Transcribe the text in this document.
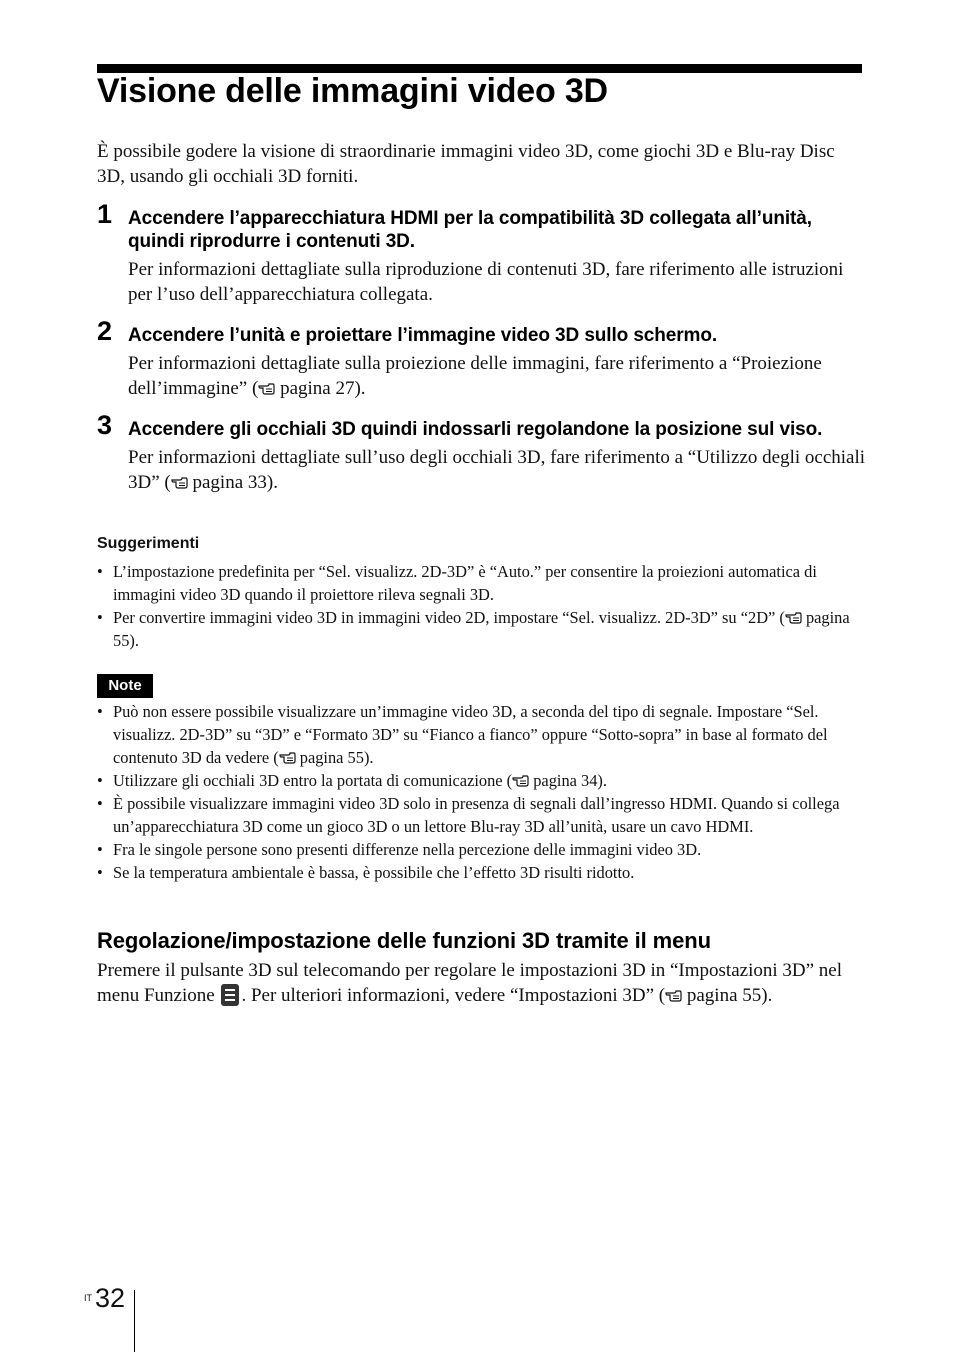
Visione delle immagini video 3D

È possibile godere la visione di straordinarie immagini video 3D, come giochi 3D e Blu-ray Disc 3D, usando gli occhiali 3D forniti.

1 Accendere l’apparecchiatura HDMI per la compatibilità 3D collegata all’unità, quindi riprodurre i contenuti 3D.
Per informazioni dettagliate sulla riproduzione di contenuti 3D, fare riferimento alle istruzioni per l’uso dell’apparecchiatura collegata.
2 Accendere l’unità e proiettare l’immagine video 3D sullo schermo.
Per informazioni dettagliate sulla proiezione delle immagini, fare riferimento a “Proiezione dell’immagine” ( pagina 27).
3 Accendere gli occhiali 3D quindi indossarli regolandone la posizione sul viso.
Per informazioni dettagliate sull’uso degli occhiali 3D, fare riferimento a “Utilizzo degli occhiali 3D” ( pagina 33).
Suggerimenti
• L’impostazione predefinita per “Sel. visualizz. 2D-3D” è “Auto.” per consentire la proiezioni automatica di immagini video 3D quando il proiettore rileva segnali 3D.
• Per convertire immagini video 3D in immagini video 2D, impostare “Sel. visualizz. 2D-3D” su “2D” ( pagina 55).
Note
• Può non essere possibile visualizzare un’immagine video 3D, a seconda del tipo di segnale. Impostare “Sel. visualizz. 2D-3D” su “3D” e “Formato 3D” su “Fianco a fianco” oppure “Sotto-sopra” in base al formato del contenuto 3D da vedere ( pagina 55).
• Utilizzare gli occhiali 3D entro la portata di comunicazione ( pagina 34).
• È possibile visualizzare immagini video 3D solo in presenza di segnali dall’ingresso HDMI. Quando si collega un’apparecchiatura 3D come un gioco 3D o un lettore Blu-ray 3D all’unità, usare un cavo HDMI.
• Fra le singole persone sono presenti differenze nella percezione delle immagini video 3D.
• Se la temperatura ambientale è bassa, è possibile che l’effetto 3D risulti ridotto.
Regolazione/impostazione delle funzioni 3D tramite il menu

Premere il pulsante 3D sul telecomando per regolare le impostazioni 3D in “Impostazioni 3D” nel menu Funzione
. Per ulteriori informazioni, vedere “Impostazioni 3D” ( pagina 55).

IT 32
